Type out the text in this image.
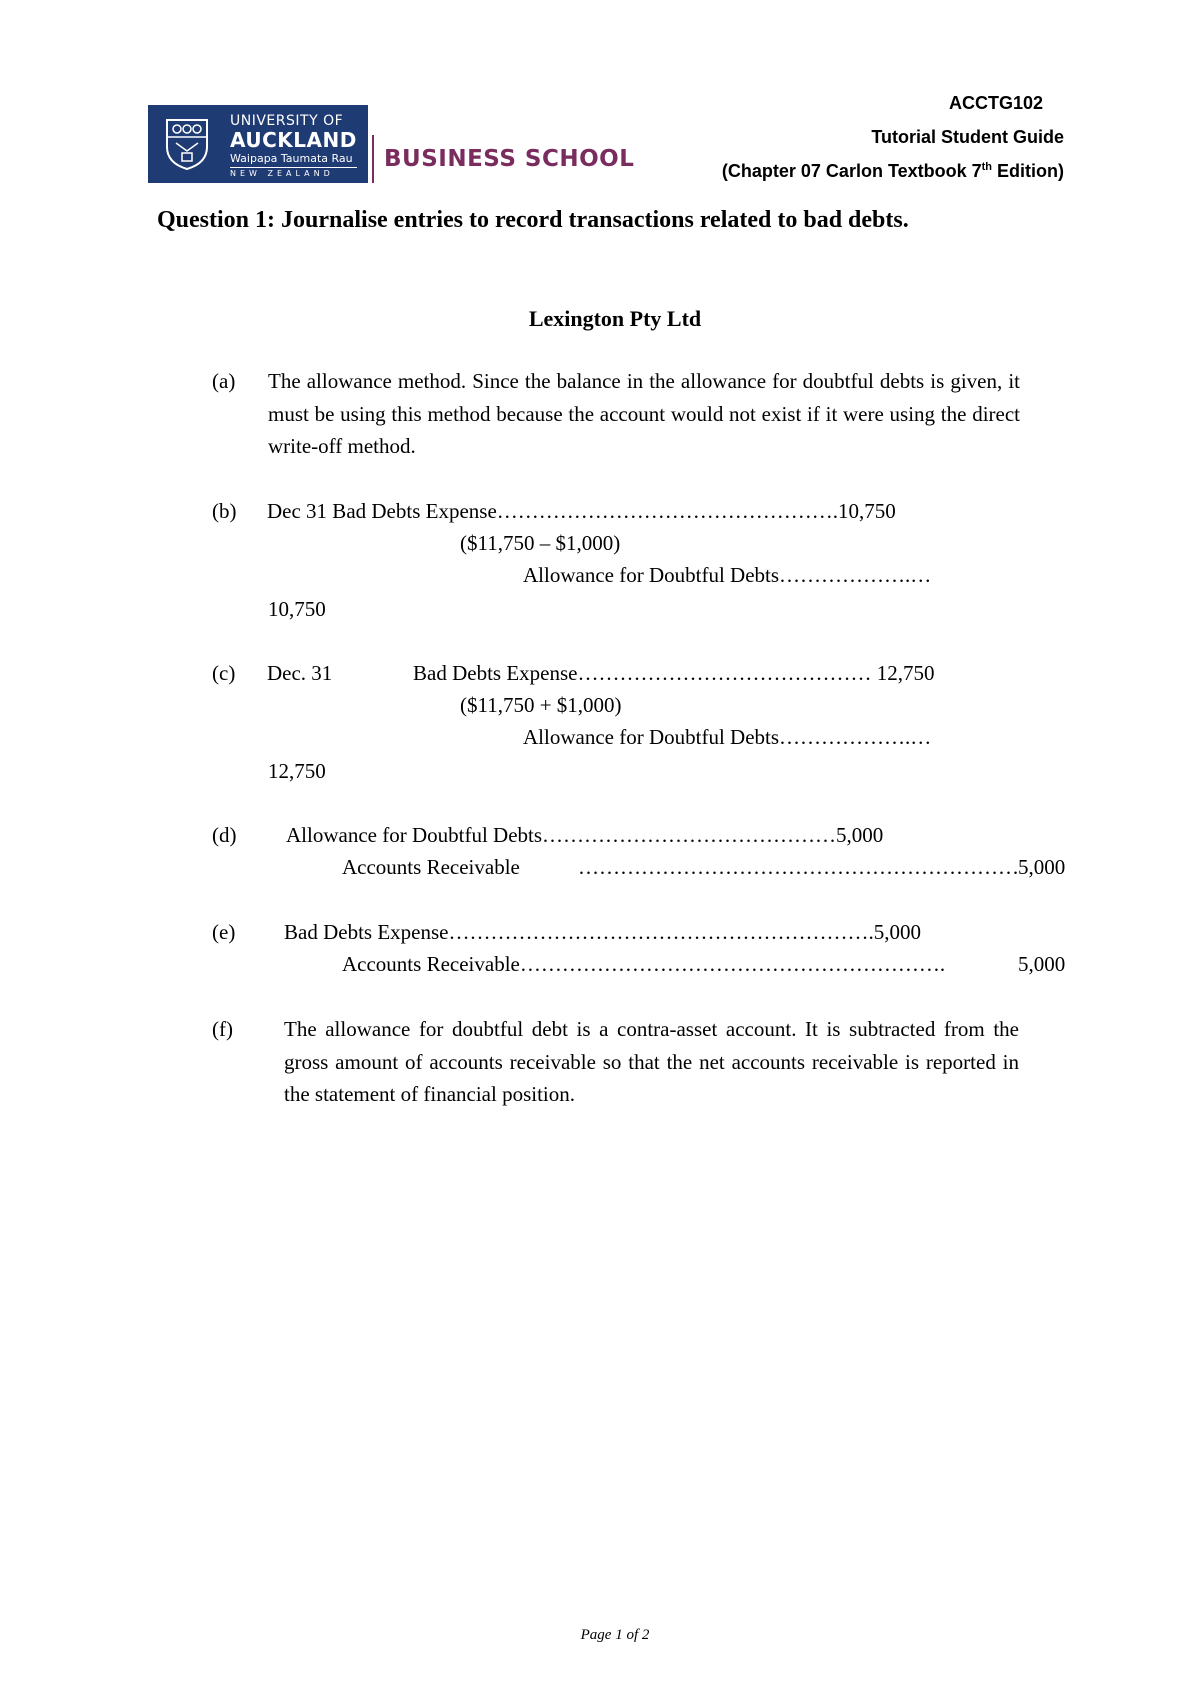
UNIVERSITY OF
AUCKLAND
Waipapa Taumata Rau
NEW ZEALAND
BUSINESS SCHOOL
ACCTG102
Tutorial Student Guide
(Chapter 07 Carlon Textbook 7th Edition)
Question 1: Journalise entries to record transactions related to bad debts.
Lexington Pty Ltd
(a) The allowance method. Since the balance in the allowance for doubtful debts is given, it must be using this method because the account would not exist if it were using the direct write-off method.
(b) Dec 31 Bad Debts Expense………………………………………….10,750
($11,750 – $1,000)
Allowance for Doubtful Debts……………….…
10,750
(c) Dec. 31	Bad Debts Expense…………………………………… 12,750
($11,750 + $1,000)
Allowance for Doubtful Debts……………….…
12,750
(d) Allowance for Doubtful Debts……………………………………5,000
Accounts Receivable	……………………………………………………… 5,000
(e) Bad Debts Expense…………………………………………………….5,000
Accounts Receivable…………………………………………………….	5,000
(f) The allowance for doubtful debt is a contra-asset account. It is subtracted from the gross amount of accounts receivable so that the net accounts receivable is reported in the statement of financial position.
Page 1 of 2
